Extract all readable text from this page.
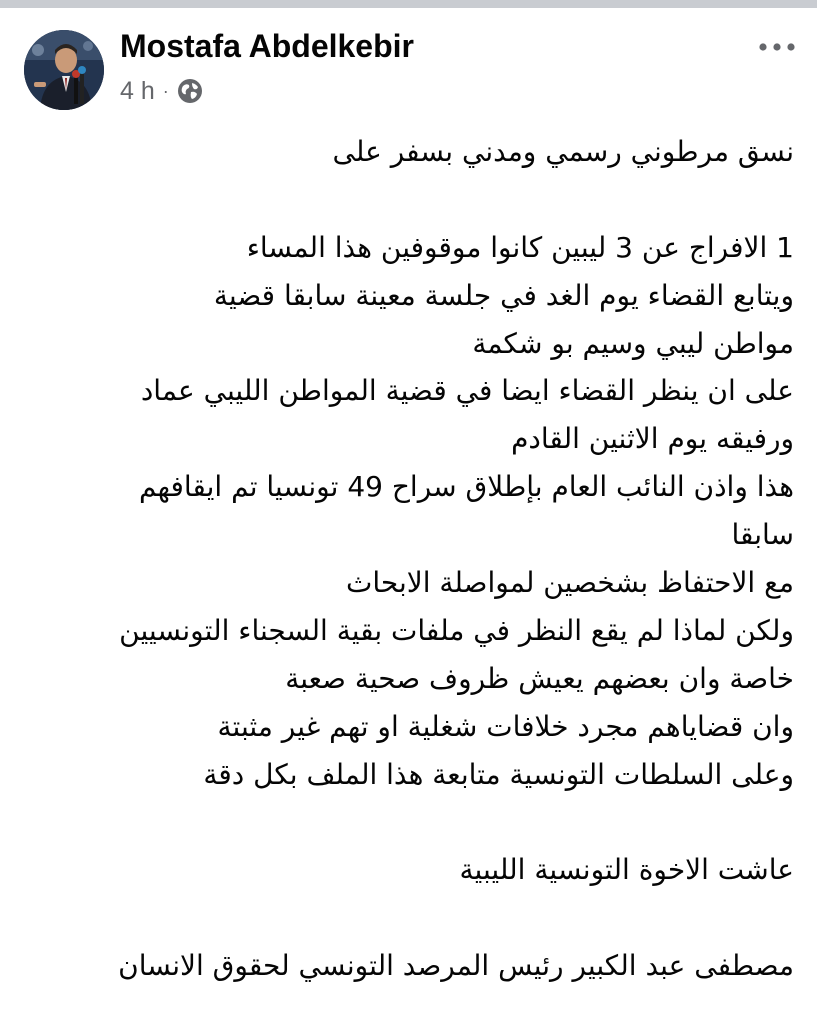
Mostafa Abdelkebir
4 h ·
نسق مرطوني رسمي ومدني بسفر على
1 الافراج عن 3 ليبين كانوا موقوفين هذا المساء
ويتابع القضاء يوم الغد في جلسة معينة سابقا قضية
مواطن ليبي وسيم بو شكمة
على ان ينظر القضاء ايضا في قضية المواطن الليبي عماد
ورفيقه يوم الاثنين القادم
هذا واذن النائب العام بإطلاق سراح 49 تونسيا تم ايقافهم
سابقا
مع الاحتفاظ بشخصين لمواصلة الابحاث
ولكن لماذا لم يقع النظر في ملفات بقية السجناء التونسيين
خاصة وان بعضهم يعيش ظروف صحية صعبة
وان قضاياهم مجرد خلافات شغلية او تهم غير مثبتة
وعلى السلطات التونسية متابعة هذا الملف بكل دقة
عاشت الاخوة التونسية الليبية
مصطفى عبد الكبير رئيس المرصد التونسي لحقوق الانسان
